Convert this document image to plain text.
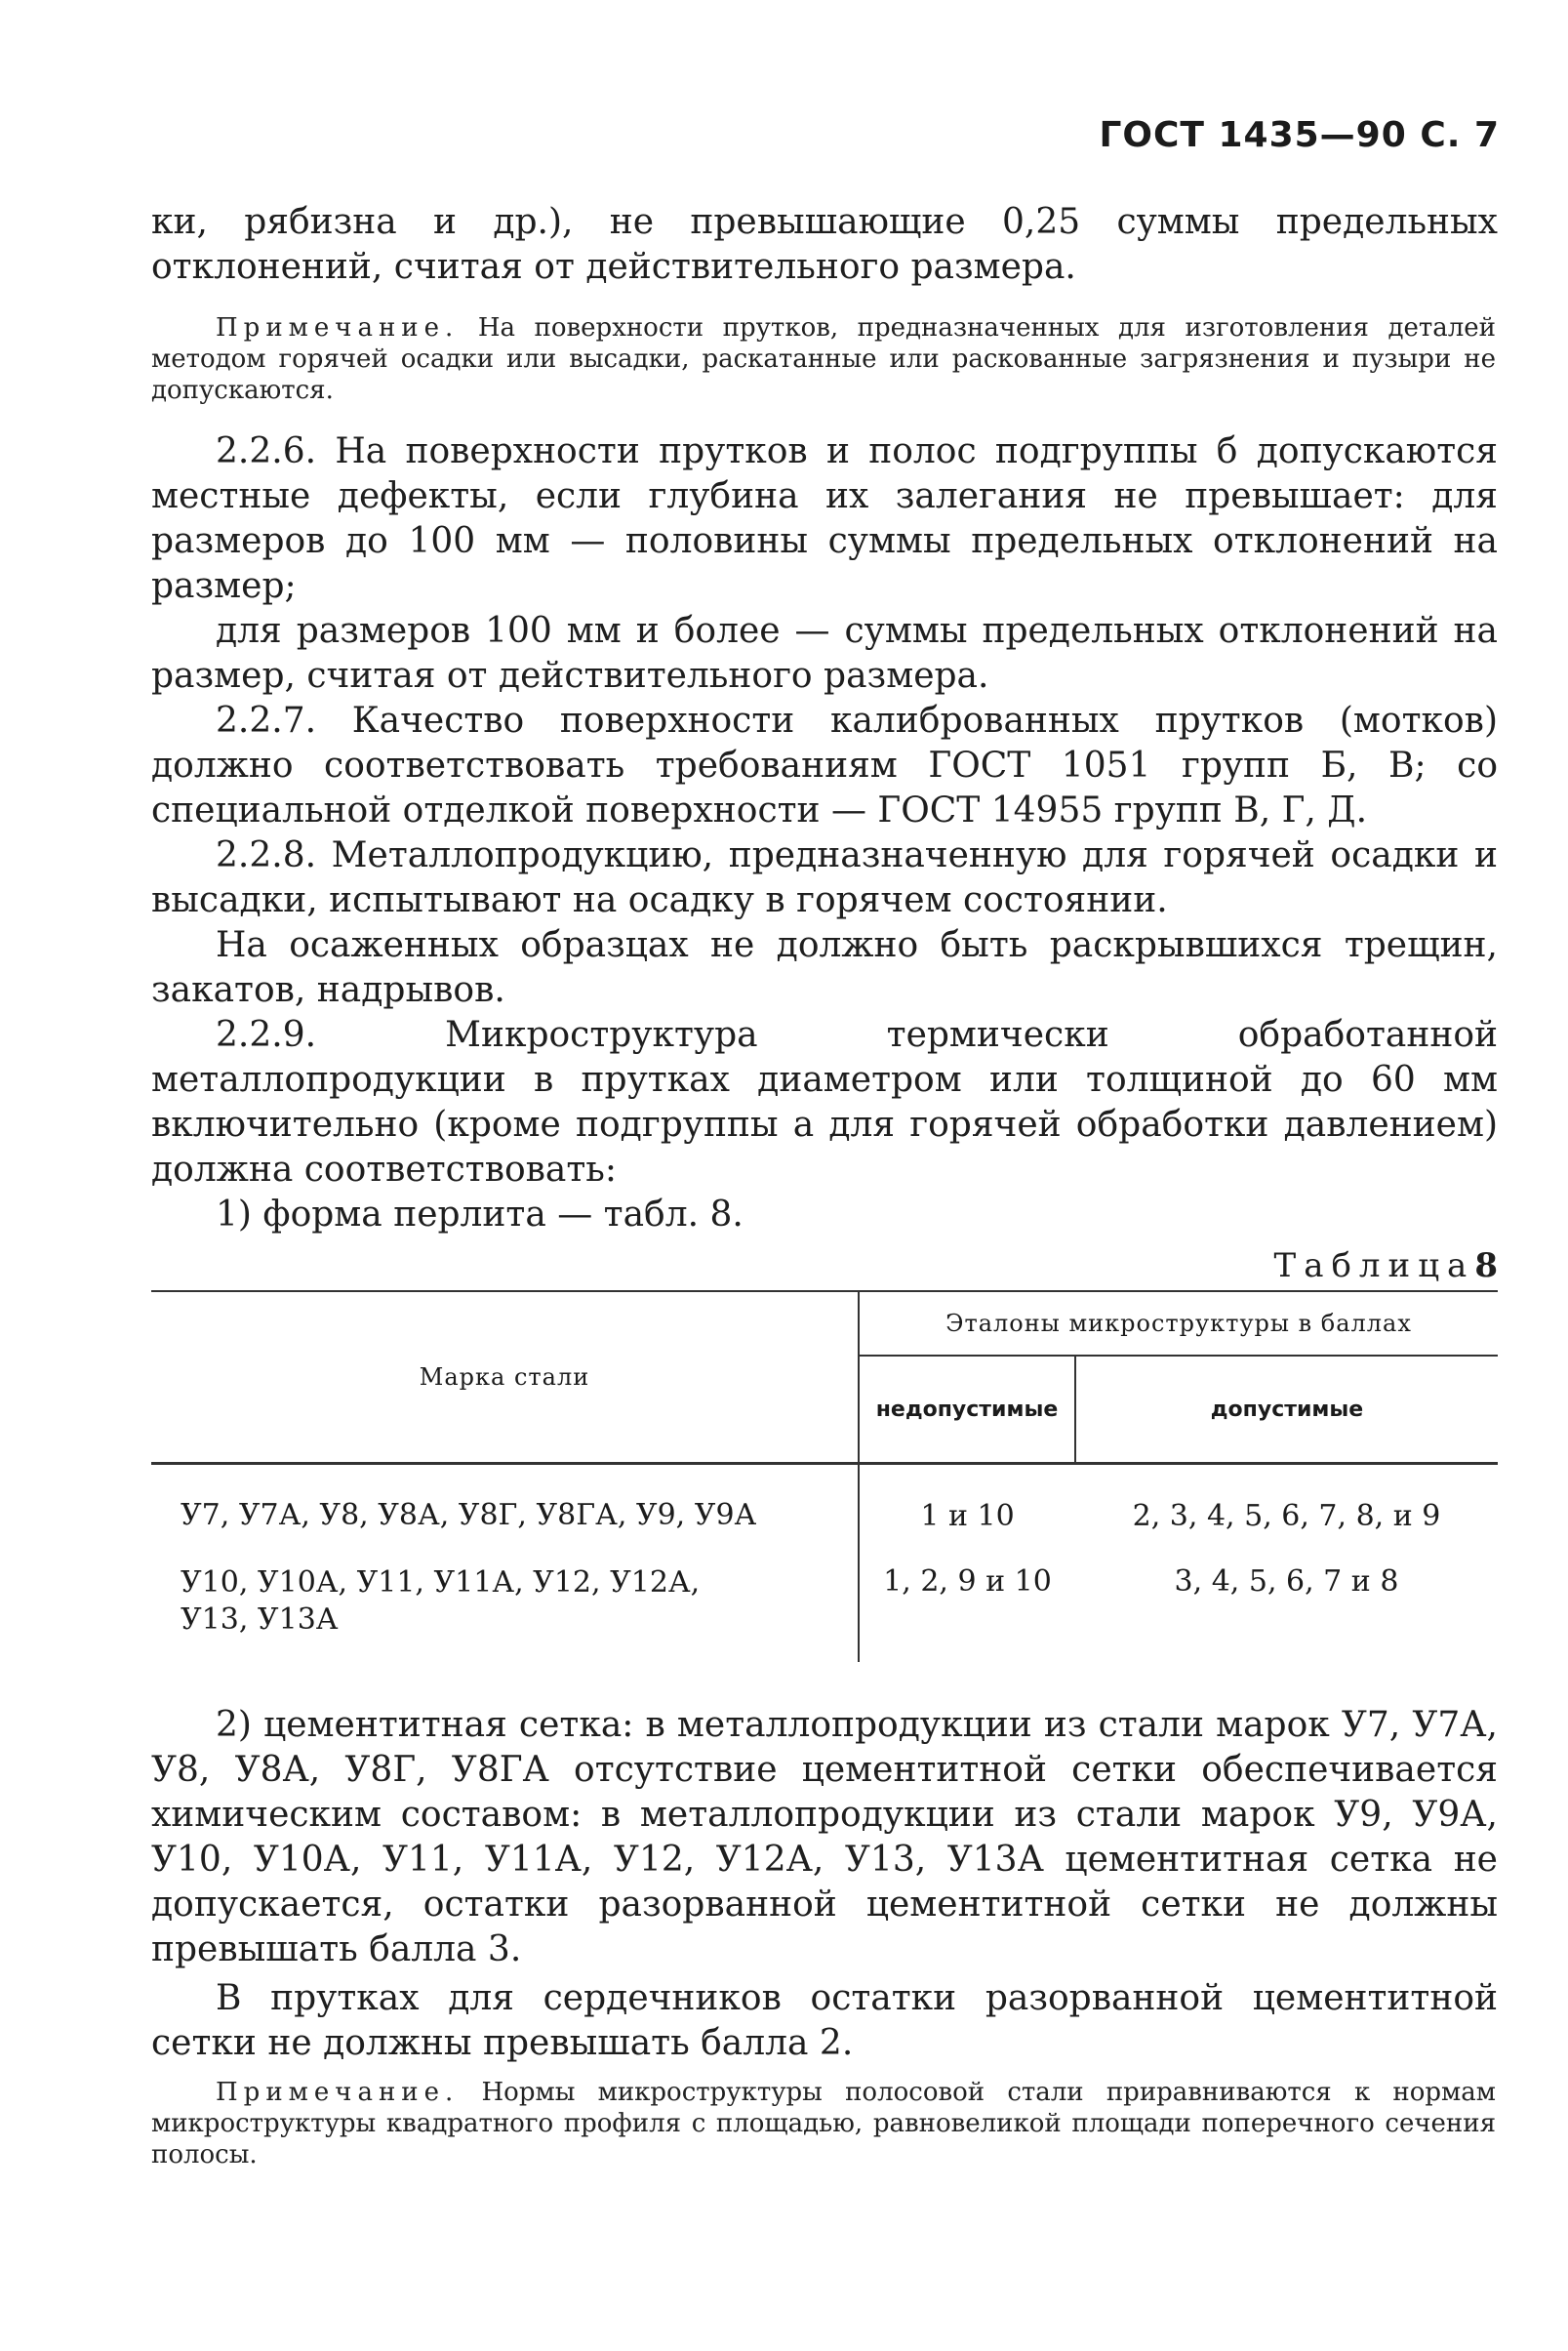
ГОСТ 1435—90 С. 7

ки, рябизна и др.), не превышающие 0,25 суммы предельных отклонений, считая от действительного размера.

Примечание. На поверхности прутков, предназначенных для изготовления деталей методом горячей осадки или высадки, раскатанные или раскованные загрязнения и пузыри не допускаются.

2.2.6. На поверхности прутков и полос подгруппы б допускаются местные дефекты, если глубина их залегания не превышает: для размеров до 100 мм — половины суммы предельных отклонений на размер;

для размеров 100 мм и более — суммы предельных отклонений на размер, считая от действительного размера.

2.2.7. Качество поверхности калиброванных прутков (мотков) должно соответствовать требованиям ГОСТ 1051 групп Б, В; со специальной отделкой поверхности — ГОСТ 14955 групп В, Г, Д.

2.2.8. Металлопродукцию, предназначенную для горячей осадки и высадки, испытывают на осадку в горячем состоянии.

На осаженных образцах не должно быть раскрывшихся трещин, закатов, надрывов.

2.2.9. Микроструктура термически обработанной металлопродукции в прутках диаметром или толщиной до 60 мм включительно (кроме подгруппы а для горячей обработки давлением) должна соответствовать:

1) форма перлита — табл. 8.

Таблица8
Марка стали	Эталоны микроструктуры в баллах	
	недопустимые	допустимые
У7, У7А, У8, У8А, У8Г, У8ГА, У9, У9А	1 и 10	2, 3, 4, 5, 6, 7, 8, и 9
У10, У10А, У11, У11А, У12, У12А, У13, У13А	1, 2, 9 и 10	3, 4, 5, 6, 7 и 8

2) цементитная сетка: в металлопродукции из стали марок У7, У7А, У8, У8А, У8Г, У8ГА отсутствие цементитной сетки обеспечивается химическим составом: в металлопродукции из стали марок У9, У9А, У10, У10А, У11, У11А, У12, У12А, У13, У13А цементитная сетка не допускается, остатки разорванной цементитной сетки не должны превышать балла 3.

В прутках для сердечников остатки разорванной цементитной сетки не должны превышать балла 2.

Примечание. Нормы микроструктуры полосовой стали приравниваются к нормам микроструктуры квадратного профиля с площадью, равновеликой площади поперечного сечения полосы.
